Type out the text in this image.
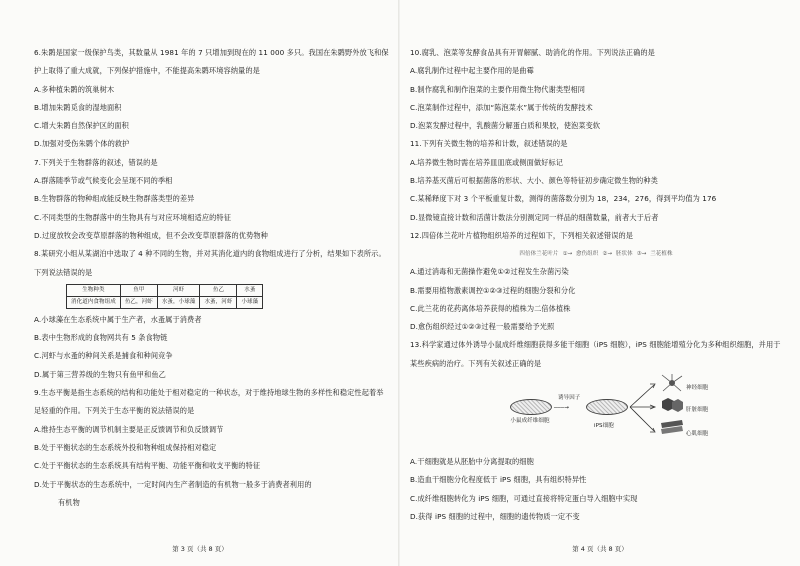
6.朱鹮是国家一级保护鸟类，其数量从 1981 年的 7 只增加到现在的 11 000 多只。我国在朱鹮野外放飞和保护上取得了重大成就，下列保护措施中，不能提高朱鹮环境容纳量的是
A.多种植朱鹮的筑巢树木
B.增加朱鹮觅食的湿地面积
C.增大朱鹮自然保护区的面积
D.加强对受伤朱鹮个体的救护
7.下列关于生物群落的叙述，错误的是
A.群落随季节或气候变化会呈现不同的季相
B.生物群落的物种组成能反映生物群落类型的差异
C.不同类型的生物群落中的生物具有与对应环境相适应的特征
D.过度放牧会改变草原群落的物种组成，但不会改变草原群落的优势物种
8.某研究小组从某湖泊中选取了 4 种不同的生物，并对其消化道内的食物组成进行了分析，结果如下表所示。下列说法错误的是
生物种类	鱼甲	河虾	鱼乙	水蚤
消化道内食物组成	鱼乙，河虾	水蚤，小球藻	水蚤，河虾	小球藻
A.小球藻在生态系统中属于生产者，水蚤属于消费者
B.表中生物形成的食物网共有 5 条食物链
C.河虾与水蚤的种间关系是捕食和种间竞争
D.属于第三营养级的生物只有鱼甲和鱼乙
9.生态平衡是指生态系统的结构和功能处于相对稳定的一种状态，对于维持地球生物的多样性和稳定性起着举足轻重的作用。下列关于生态平衡的说法错误的是
A.维持生态平衡的调节机制主要是正反馈调节和负反馈调节
B.处于平衡状态的生态系统外投和物种组成保持相对稳定
C.处于平衡状态的生态系统具有结构平衡、功能平衡和收支平衡的特征
D.处于平衡状态的生态系统中，一定时间内生产者制造的有机物一般多于消费者利用的
有机物
第 3 页（共 8 页）
10.腐乳、泡菜等发酵食品具有开胃解腻、助消化的作用。下列说法正确的是
A.腐乳制作过程中起主要作用的是曲霉
B.制作腐乳和制作泡菜的主要作用微生物代谢类型相同
C.泡菜制作过程中，添加“陈泡菜水”属于传统的发酵技术
D.泡菜发酵过程中，乳酸菌分解蛋白质和果胶，使泡菜变软
11.下列有关微生物的培养和计数，叙述错误的是
A.培养微生物时需在培养皿皿底或侧面做好标记
B.培养基灭菌后可根据菌落的形状、大小、颜色等特征初步确定微生物的种类
C.某稀释度下对 3 个平板重复计数，测得的菌落数分别为 18，234，276，得到平均值为 176
D.显微镜直接计数和活菌计数法分别测定同一样品的细菌数量，前者大于后者
12.四倍体兰花叶片植物组织培养的过程如下，下列相关叙述错误的是
四倍体兰花叶片 ①→ 愈伤组织 ②→ 胚状体 ③→ 兰花植株
A.通过消毒和无菌操作避免①②过程发生杂菌污染
B.需要用植物激素调控①②③过程的细胞分裂和分化
C.此兰花的花药离体培养获得的植株为二倍体植株
D.愈伤组织经过①②③过程一般需要给予光照
13.科学家通过体外诱导小鼠成纤维细胞获得多能干细胞（iPS 细胞），iPS 细胞能增殖分化为多种组织细胞，并用于某些疾病的治疗。下列有关叙述正确的是
小鼠成纤维细胞
诱导因子
───→
iPS细胞
神经细胞
肝脏细胞
心肌细胞
A.干细胞就是从胚胎中分离提取的细胞
B.造血干细胞分化程度低于 iPS 细胞，具有组织特异性
C.成纤维细胞转化为 iPS 细胞，可通过直接将特定蛋白导入细胞中实现
D.获得 iPS 细胞的过程中，细胞的遗传物质一定不变
第 4 页（共 8 页）
